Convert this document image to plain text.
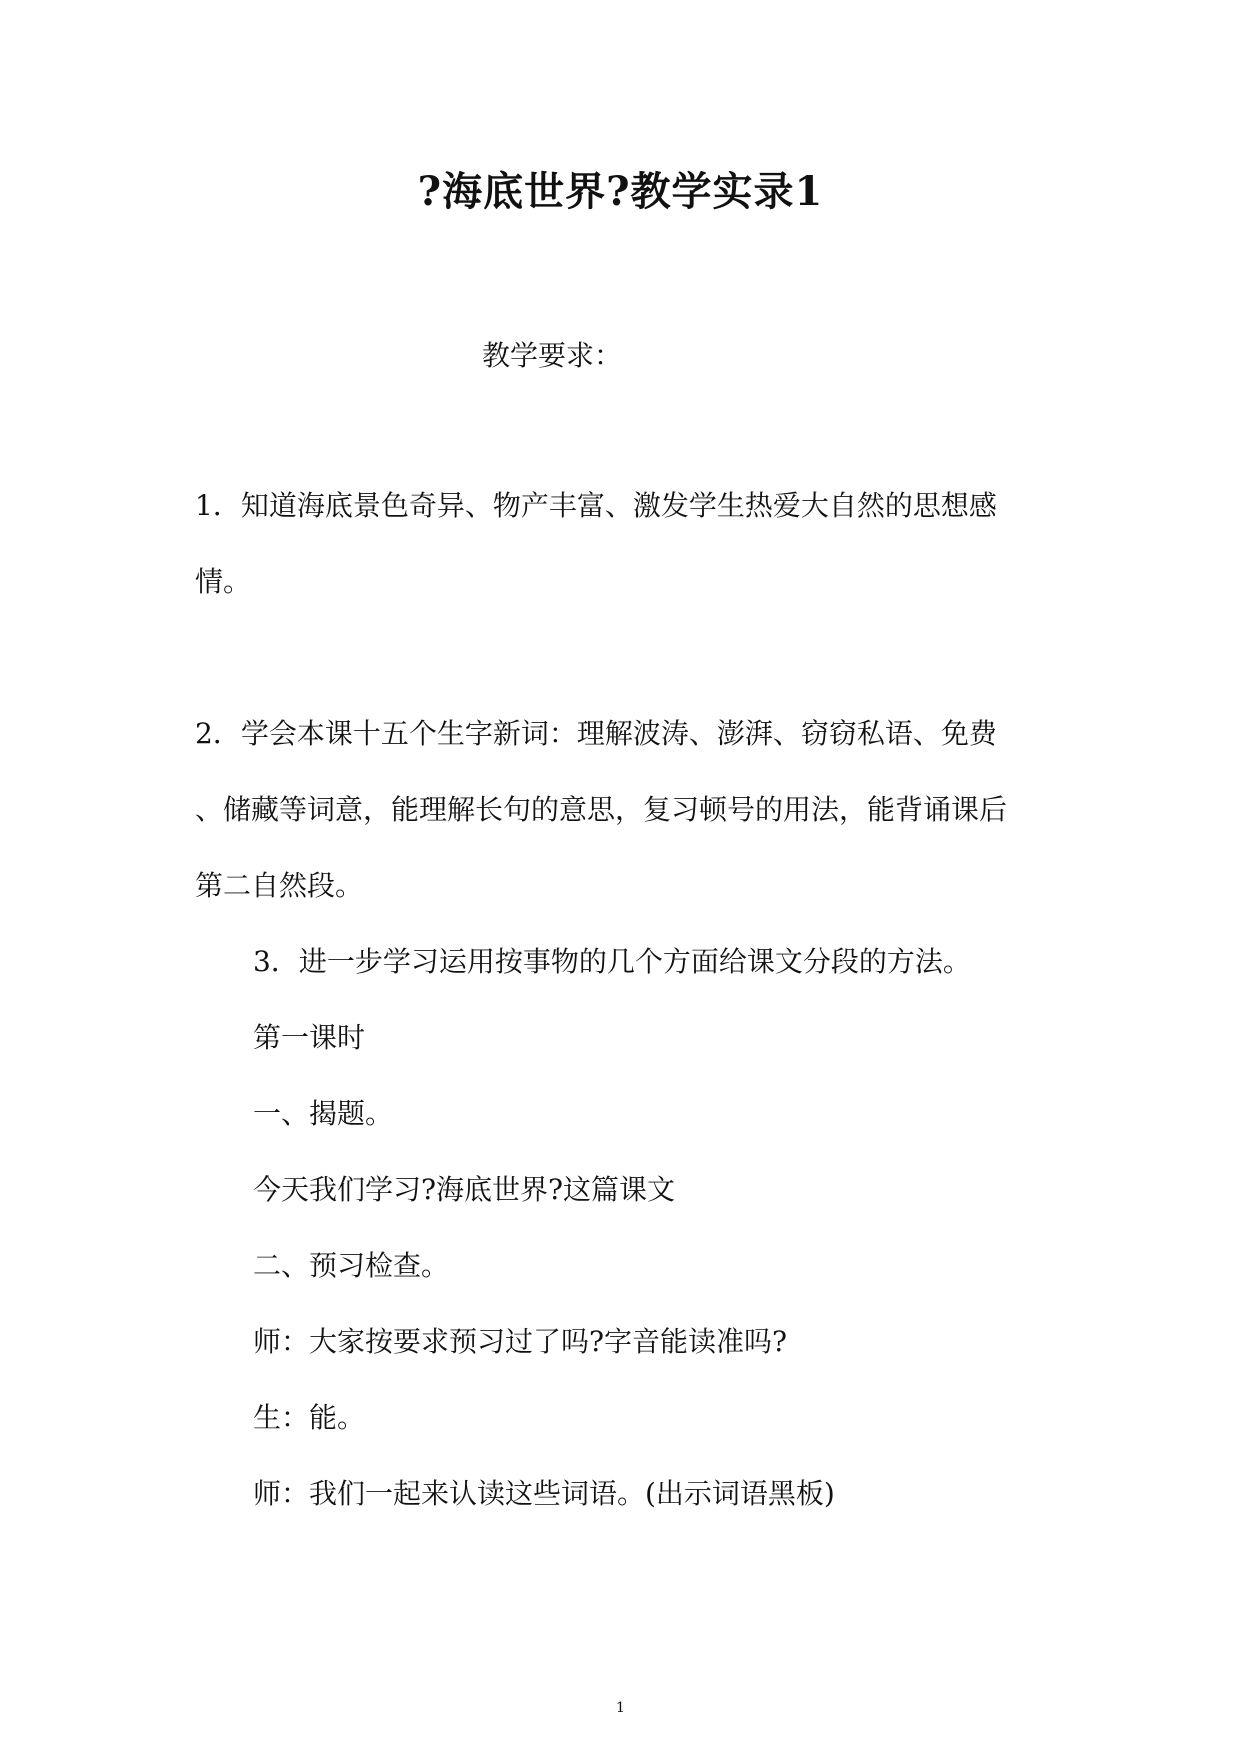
?海底世界?教学实录1

教学要求：

1．知道海底景色奇异、物产丰富、激发学生热爱大自然的思想感

情。

2．学会本课十五个生字新词：理解波涛、澎湃、窃窃私语、免费

、储藏等词意，能理解长句的意思，复习顿号的用法，能背诵课后

第二自然段。

3．进一步学习运用按事物的几个方面给课文分段的方法。

第一课时

一、揭题。

今天我们学习?海底世界?这篇课文

二、预习检查。

师：大家按要求预习过了吗?字音能读准吗?

生：能。

师：我们一起来认读这些词语。(出示词语黑板)

1
